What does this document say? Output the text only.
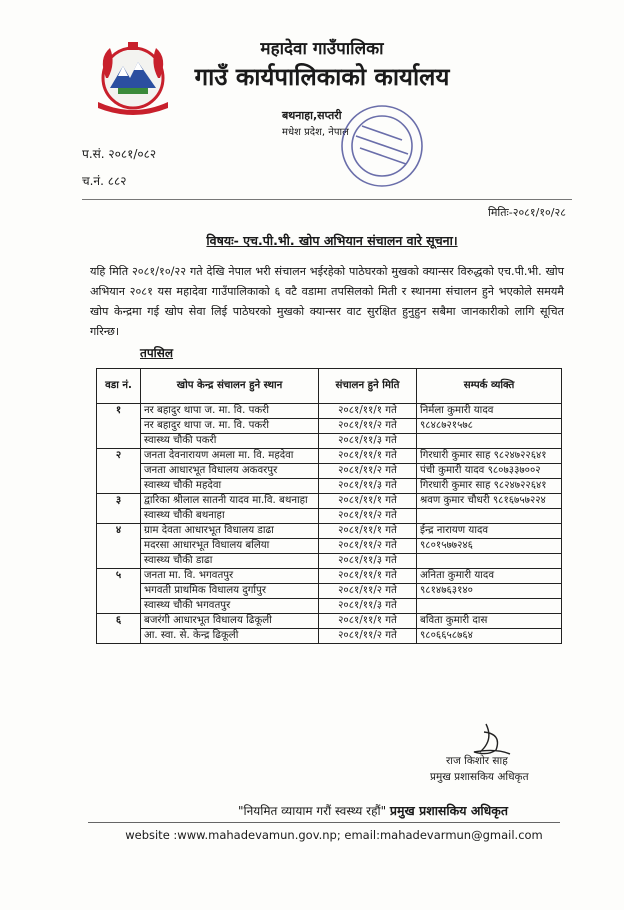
महादेवा गाउँपालिका
गाउँ कार्यपालिकाको कार्यालय
बथनाहा,सप्तरी
मधेश प्रदेश, नेपाल
प.सं. २०८१/०८२
च.नं. ८८२
मितिः-२०८१/१०/२८
विषयः- एच.पी.भी. खोप अभियान संचालन वारे सूचना।
यहि मिति २०८१/१०/२२ गते देखि नेपाल भरी संचालन भईरहेको पाठेघरको मुखको क्यान्सर विरुद्धको एच.पी.भी. खोप अभियान २०८१ यस महादेवा गाउँपालिकाको ६ वटै वडामा तपसिलको मिती र स्थानमा संचालन हुने भएकोले समयमै खोप केन्द्रमा गई खोप सेवा लिई पाठेघरको मुखको क्यान्सर वाट सुरक्षित हुनुहुन सबैमा जानकारीको लागि सूचित गरिन्छ।
तपसिल
वडा नं.	खोप केन्द्र संचालन हुने स्थान	संचालन हुने मिति	सम्पर्क व्यक्ति
१	नर बहादुर थापा ज. मा. वि. पकरी	२०८१/११/१ गते	निर्मला कुमारी यादव
	नर बहादुर थापा ज. मा. वि. पकरी	२०८१/११/२ गते	९८४८७२१५७८
	स्वास्थ्य चौकी पकरी	२०८१/११/३ गते	
२	जनता देवनारायण अमला मा. वि. महदेवा	२०८१/११/१ गते	गिरधारी कुमार साह ९८२४७२२६४१
	जनता आधारभूत विधालय अकवरपुर	२०८१/११/२ गते	पंची कुमारी यादव ९८०७३३७००२
	स्वास्थ्य चौकी महदेवा	२०८१/११/३ गते	गिरधारी कुमार साह ९८२४७२२६४१
३	द्वारिका श्रीलाल सातनी यादव मा.वि. बथनाहा	२०८१/११/१ गते	श्रवण कुमार चौधरी ९८१६७५७२२४
	स्वास्थ्य चौकी बथनाहा	२०८१/११/२ गते	
४	ग्राम देवता आधारभूत विधालय डाढा	२०८१/११/१ गते	ईन्द्र नारायण यादव
	मदरसा आधारभूत विधालय बलिया	२०८१/११/२ गते	९८०१५७७२४६
	स्वास्थ्य चौकी डाढा	२०८१/११/३ गते	
५	जनता मा. वि. भगवतपुर	२०८१/११/१ गते	अनिता कुमारी यादव
	भगवती प्राथमिक विधालय दुर्गापुर	२०८१/११/२ गते	९८१४७६३१४०
	स्वास्थ्य चौकी भगवतपुर	२०८१/११/३ गते	
६	बजरंगी आधारभूत विधालय ढिकूली	२०८१/११/१ गते	बविता कुमारी दास
	आ. स्वा. से. केन्द्र ढिकूली	२०८१/११/२ गते	९८०६६५८७६४
राज किशोर साह
प्रमुख प्रशासकिय अधिकृत
"नियमित व्यायाम गरौं स्वस्थ्य रहौं" प्रमुख प्रशासकिय अधिकृत
website :www.mahadevamun.gov.np; email:mahadevarmun@gmail.com
